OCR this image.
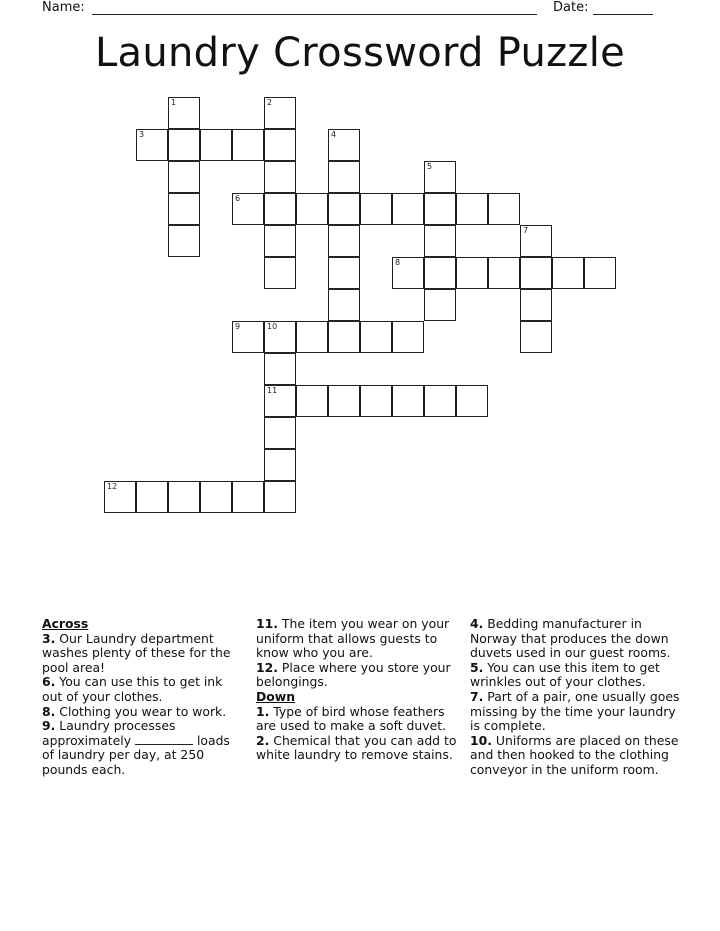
Name:	Date:
Laundry Crossword Puzzle
3
1	2
6
4
5
8
7
9	10
11
12
Across
3. Our Laundry department washes plenty of these for the pool area!
6. You can use this to get ink out of your clothes.
8. Clothing you wear to work.
9. Laundry processes approximately	loads of laundry per day, at 250 pounds each.
11. The item you wear on your uniform that allows guests to know who you are.
12. Place where you store your belongings.
Down
1. Type of bird whose feathers are used to make a soft duvet.
2. Chemical that you can add to white laundry to remove stains.
4. Bedding manufacturer in Norway that produces the down duvets used in our guest rooms.
5. You can use this item to get wrinkles out of your clothes.
7. Part of a pair, one usually goes missing by the time your laundry is complete.
10. Uniforms are placed on these and then hooked to the clothing conveyor in the uniform room.
